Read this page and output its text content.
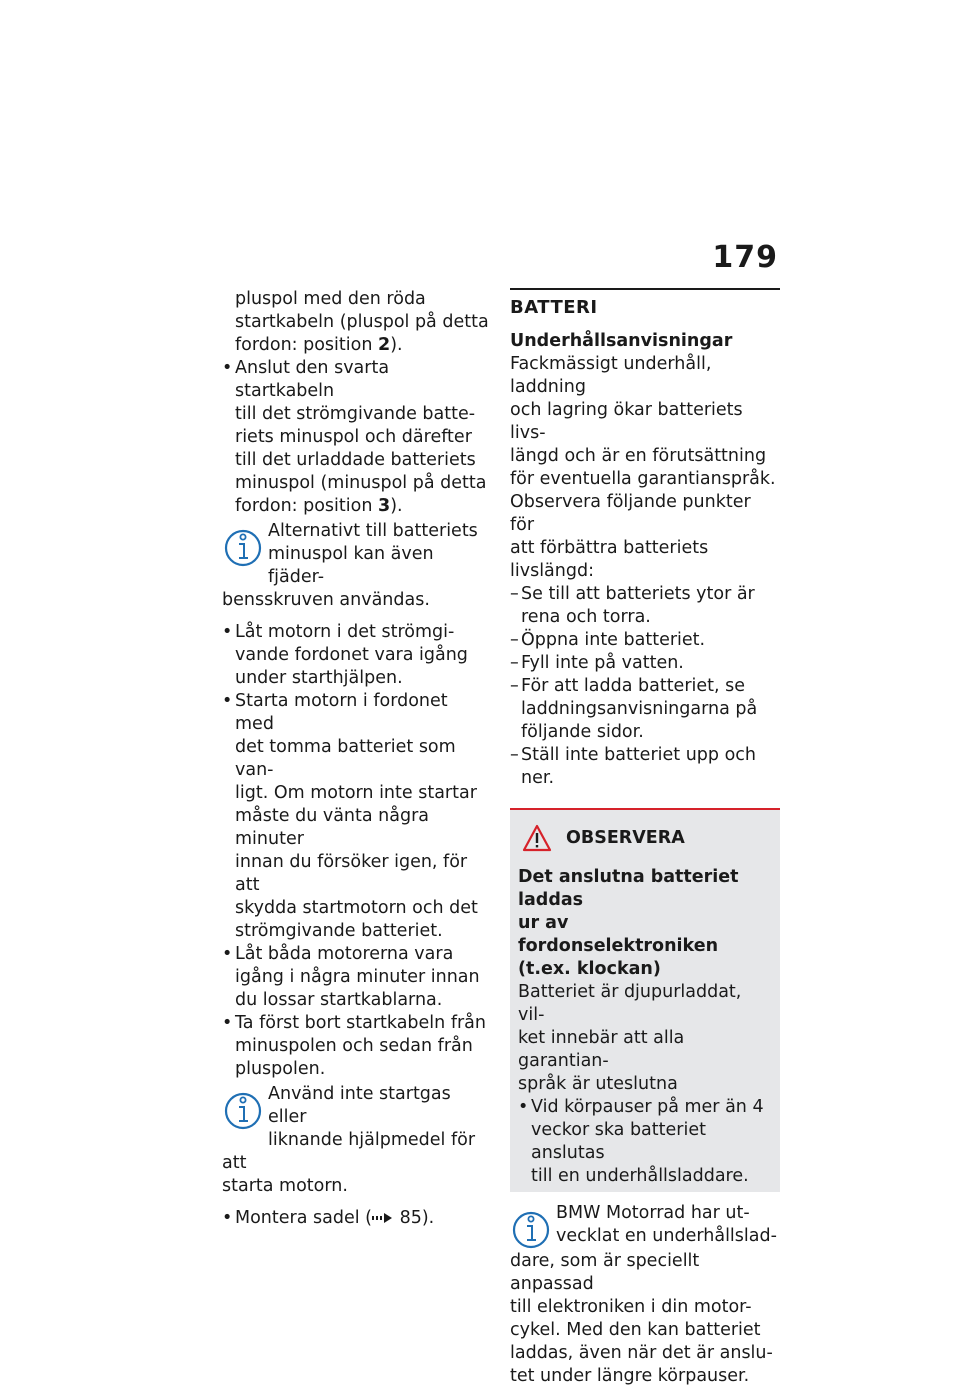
179
pluspol med den röda
startkabeln (pluspol på detta
fordon: position 2).
• Anslut den svarta startkabeln
till det strömgivande batte-
riets minuspol och därefter
till det urladdade batteriets
minuspol (minuspol på detta
fordon: position 3).
Alternativt till batteriets
minuspol kan även fjäder-
bensskruven användas.
• Låt motorn i det strömgi-
vande fordonet vara igång
under starthjälpen.
• Starta motorn i fordonet med
det tomma batteriet som van-
ligt. Om motorn inte startar
måste du vänta några minuter
innan du försöker igen, för att
skydda startmotorn och det
strömgivande batteriet.
• Låt båda motorerna vara
igång i några minuter innan
du lossar startkablarna.
• Ta först bort startkabeln från
minuspolen och sedan från
pluspolen.
Använd inte startgas eller
liknande hjälpmedel för att
starta motorn.
• Montera sadel ( 85).
BATTERI
Underhållsanvisningar
Fackmässigt underhåll, laddning
och lagring ökar batteriets livs-
längd och är en förutsättning
för eventuella garantianspråk.
Observera följande punkter för
att förbättra batteriets livslängd:
– Se till att batteriets ytor är
rena och torra.
– Öppna inte batteriet.
– Fyll inte på vatten.
– För att ladda batteriet, se
laddningsanvisningarna på
följande sidor.
– Ställ inte batteriet upp och
ner.
OBSERVERA
Det anslutna batteriet laddas
ur av fordonselektroniken
(t.ex. klockan)
Batteriet är djupurladdat, vil-
ket innebär att alla garantian-
språk är uteslutna
• Vid körpauser på mer än 4
veckor ska batteriet anslutas
till en underhållsladdare.
BMW Motorrad har ut-
vecklat en underhållslad-
dare, som är speciellt anpassad
till elektroniken i din motor-
cykel. Med den kan batteriet
laddas, även när det är anslu-
tet under längre körpauser.
